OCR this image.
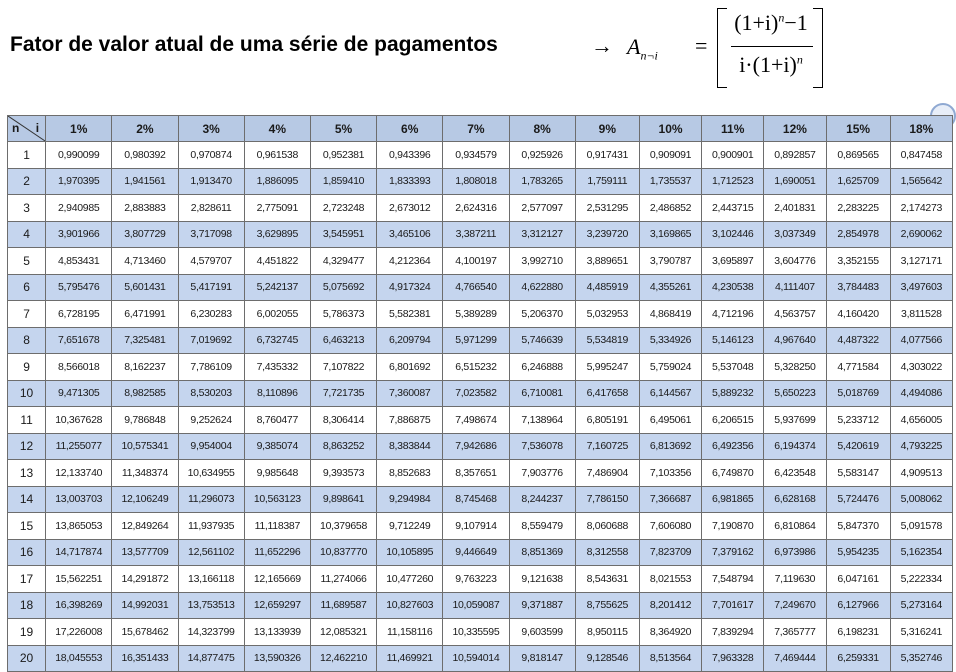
Fator de valor atual de uma série de pagamentos	→ $A_{n\neg i}$ =
$(1+i)^n-1$
$i\cdot(1+i)^n$
n i	1%	2%	3%	4%	5%	6%	7%	8%	9%	10%	11%	12%	15%	18%
1	0,990099	0,980392	0,970874	0,961538	0,952381	0,943396	0,934579	0,925926	0,917431	0,909091	0,900901	0,892857	0,869565	0,847458
2	1,970395	1,941561	1,913470	1,886095	1,859410	1,833393	1,808018	1,783265	1,759111	1,735537	1,712523	1,690051	1,625709	1,565642
3	2,940985	2,883883	2,828611	2,775091	2,723248	2,673012	2,624316	2,577097	2,531295	2,486852	2,443715	2,401831	2,283225	2,174273
4	3,901966	3,807729	3,717098	3,629895	3,545951	3,465106	3,387211	3,312127	3,239720	3,169865	3,102446	3,037349	2,854978	2,690062
5	4,853431	4,713460	4,579707	4,451822	4,329477	4,212364	4,100197	3,992710	3,889651	3,790787	3,695897	3,604776	3,352155	3,127171
6	5,795476	5,601431	5,417191	5,242137	5,075692	4,917324	4,766540	4,622880	4,485919	4,355261	4,230538	4,111407	3,784483	3,497603
7	6,728195	6,471991	6,230283	6,002055	5,786373	5,582381	5,389289	5,206370	5,032953	4,868419	4,712196	4,563757	4,160420	3,811528
8	7,651678	7,325481	7,019692	6,732745	6,463213	6,209794	5,971299	5,746639	5,534819	5,334926	5,146123	4,967640	4,487322	4,077566
9	8,566018	8,162237	7,786109	7,435332	7,107822	6,801692	6,515232	6,246888	5,995247	5,759024	5,537048	5,328250	4,771584	4,303022
10	9,471305	8,982585	8,530203	8,110896	7,721735	7,360087	7,023582	6,710081	6,417658	6,144567	5,889232	5,650223	5,018769	4,494086
11	10,367628	9,786848	9,252624	8,760477	8,306414	7,886875	7,498674	7,138964	6,805191	6,495061	6,206515	5,937699	5,233712	4,656005
12	11,255077	10,575341	9,954004	9,385074	8,863252	8,383844	7,942686	7,536078	7,160725	6,813692	6,492356	6,194374	5,420619	4,793225
13	12,133740	11,348374	10,634955	9,985648	9,393573	8,852683	8,357651	7,903776	7,486904	7,103356	6,749870	6,423548	5,583147	4,909513
14	13,003703	12,106249	11,296073	10,563123	9,898641	9,294984	8,745468	8,244237	7,786150	7,366687	6,981865	6,628168	5,724476	5,008062
15	13,865053	12,849264	11,937935	11,118387	10,379658	9,712249	9,107914	8,559479	8,060688	7,606080	7,190870	6,810864	5,847370	5,091578
16	14,717874	13,577709	12,561102	11,652296	10,837770	10,105895	9,446649	8,851369	8,312558	7,823709	7,379162	6,973986	5,954235	5,162354
17	15,562251	14,291872	13,166118	12,165669	11,274066	10,477260	9,763223	9,121638	8,543631	8,021553	7,548794	7,119630	6,047161	5,222334
18	16,398269	14,992031	13,753513	12,659297	11,689587	10,827603	10,059087	9,371887	8,755625	8,201412	7,701617	7,249670	6,127966	5,273164
19	17,226008	15,678462	14,323799	13,133939	12,085321	11,158116	10,335595	9,603599	8,950115	8,364920	7,839294	7,365777	6,198231	5,316241
20	18,045553	16,351433	14,877475	13,590326	12,462210	11,469921	10,594014	9,818147	9,128546	8,513564	7,963328	7,469444	6,259331	5,352746
